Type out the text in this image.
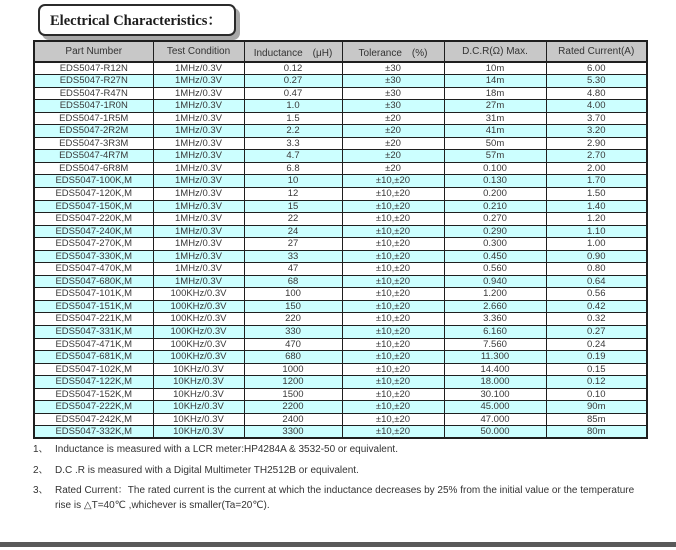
Electrical Characteristics：
Part Number	Test Condition	Inductance　(μH)	Tolerance　(%)	D.C.R(Ω) Max.	Rated Current(A)
EDS5047-R12N	1MHz/0.3V	0.12	±30	10m	6.00
EDS5047-R27N	1MHz/0.3V	0.27	±30	14m	5.30
EDS5047-R47N	1MHz/0.3V	0.47	±30	18m	4.80
EDS5047-1R0N	1MHz/0.3V	1.0	±30	27m	4.00
EDS5047-1R5M	1MHz/0.3V	1.5	±20	31m	3.70
EDS5047-2R2M	1MHz/0.3V	2.2	±20	41m	3.20
EDS5047-3R3M	1MHz/0.3V	3.3	±20	50m	2.90
EDS5047-4R7M	1MHz/0.3V	4.7	±20	57m	2.70
EDS5047-6R8M	1MHz/0.3V	6.8	±20	0.100	2.00
EDS5047-100K,M	1MHz/0.3V	10	±10,±20	0.130	1.70
EDS5047-120K,M	1MHz/0.3V	12	±10,±20	0.200	1.50
EDS5047-150K,M	1MHz/0.3V	15	±10,±20	0.210	1.40
EDS5047-220K,M	1MHz/0.3V	22	±10,±20	0.270	1.20
EDS5047-240K,M	1MHz/0.3V	24	±10,±20	0.290	1.10
EDS5047-270K,M	1MHz/0.3V	27	±10,±20	0.300	1.00
EDS5047-330K,M	1MHz/0.3V	33	±10,±20	0.450	0.90
EDS5047-470K,M	1MHz/0.3V	47	±10,±20	0.560	0.80
EDS5047-680K,M	1MHz/0.3V	68	±10,±20	0.940	0.64
EDS5047-101K,M	100KHz/0.3V	100	±10,±20	1.200	0.56
EDS5047-151K,M	100KHz/0.3V	150	±10,±20	2.660	0.42
EDS5047-221K,M	100KHz/0.3V	220	±10,±20	3.360	0.32
EDS5047-331K,M	100KHz/0.3V	330	±10,±20	6.160	0.27
EDS5047-471K,M	100KHz/0.3V	470	±10,±20	7.560	0.24
EDS5047-681K,M	100KHz/0.3V	680	±10,±20	11.300	0.19
EDS5047-102K,M	10KHz/0.3V	1000	±10,±20	14.400	0.15
EDS5047-122K,M	10KHz/0.3V	1200	±10,±20	18.000	0.12
EDS5047-152K,M	10KHz/0.3V	1500	±10,±20	30.100	0.10
EDS5047-222K,M	10KHz/0.3V	2200	±10,±20	45.000	90m
EDS5047-242K,M	10KHz/0.3V	2400	±10,±20	47.000	85m
EDS5047-332K,M	10KHz/0.3V	3300	±10,±20	50.000	80m
1、 Inductance is measured with a LCR meter:HP4284A & 3532-50 or equivalent.
2、 D.C .R is measured with a Digital Multimeter TH2512B or equivalent.
3、 Rated Current：The rated current is the current at which the inductance decreases by 25% from the initial value or the temperature
rise is △T=40℃ ,whichever is smaller(Ta=20℃).
